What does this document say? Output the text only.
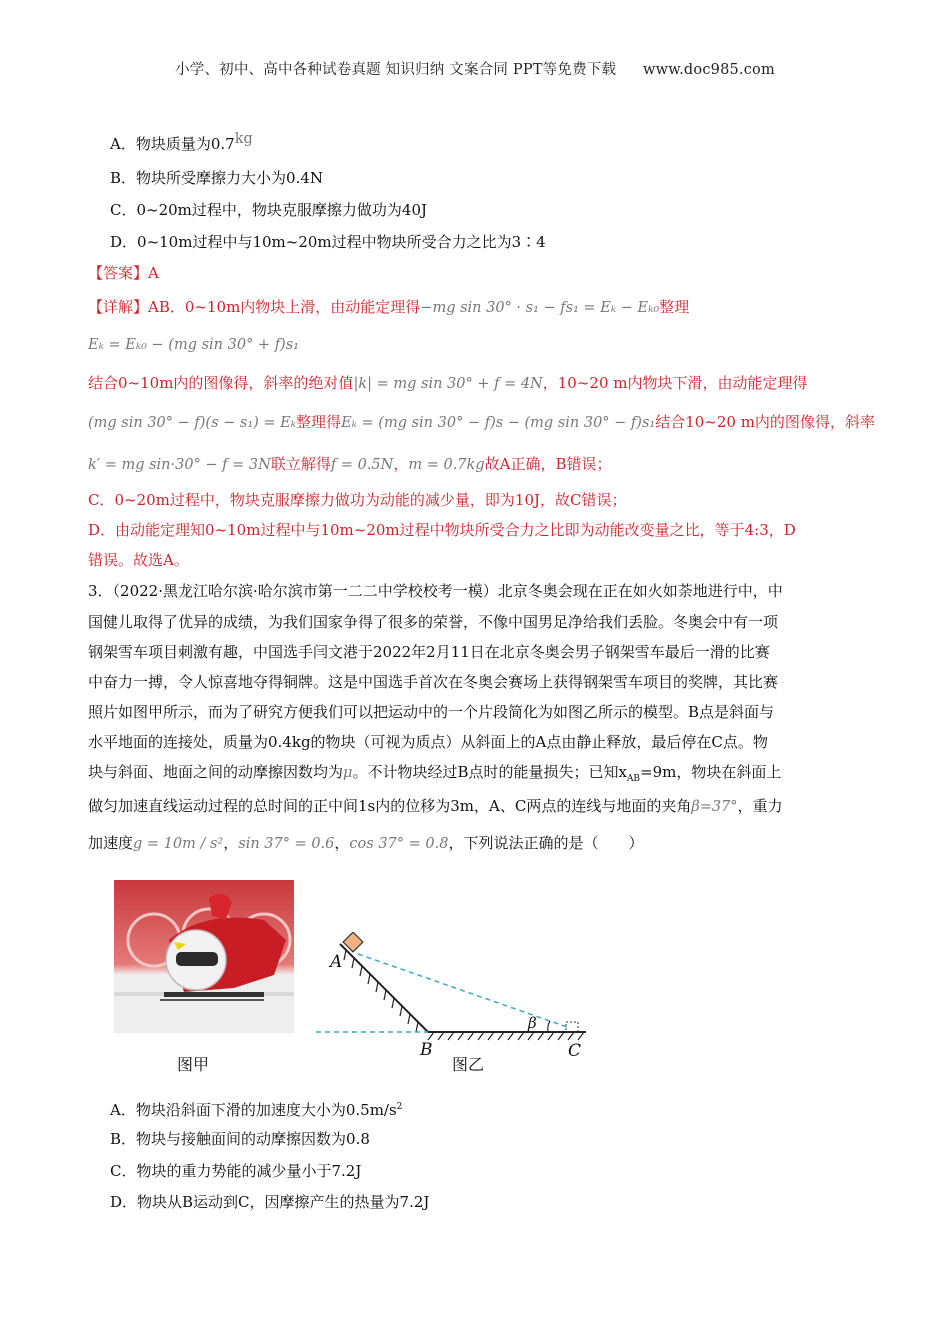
小学、初中、高中各种试卷真题 知识归纳 文案合同 PPT等免费下载 www.doc985.com
A．物块质量为0.7kg
B．物块所受摩擦力大小为0.4N
C．0~20m过程中，物块克服摩擦力做功为40J
D．0~10m过程中与10m~20m过程中物块所受合力之比为3∶4
【答案】A
【详解】AB．0~10m内物块上滑，由动能定理得−mg sin 30° · s₁ − fs₁ = Eₖ − Eₖ₀整理
Eₖ = Eₖ₀ − (mg sin 30° + f)s₁
结合0~10m内的图像得，斜率的绝对值|k| = mg sin 30° + f = 4N，10~20 m内物块下滑，由动能定理得
(mg sin 30° − f)(s − s₁) = Eₖ整理得Eₖ = (mg sin 30° − f)s − (mg sin 30° − f)s₁结合10~20 m内的图像得，斜率
k′ = mg sin·30° − f = 3N联立解得f = 0.5N，m = 0.7kg故A正确，B错误；
C．0~20m过程中，物块克服摩擦力做功为动能的减少量，即为10J，故C错误；
D．由动能定理知0~10m过程中与10m~20m过程中物块所受合力之比即为动能改变量之比，等于4:3，D
错误。故选A。
3．（2022·黑龙江哈尔滨·哈尔滨市第一二二中学校校考一模）北京冬奥会现在正在如火如荼地进行中，中
国健儿取得了优异的成绩，为我们国家争得了很多的荣誉，不像中国男足净给我们丢脸。冬奥会中有一项
钢架雪车项目刺激有趣，中国选手闫文港于2022年2月11日在北京冬奥会男子钢架雪车最后一滑的比赛
中奋力一搏，令人惊喜地夺得铜牌。这是中国选手首次在冬奥会赛场上获得钢架雪车项目的奖牌，其比赛
照片如图甲所示，而为了研究方便我们可以把运动中的一个片段简化为如图乙所示的模型。B点是斜面与
水平地面的连接处，质量为0.4kg的物块（可视为质点）从斜面上的A点由静止释放，最后停在C点。物
块与斜面、地面之间的动摩擦因数均为μ。不计物块经过B点时的能量损失；已知$x_{AB}=9m$，物块在斜面上
做匀加速直线运动过程的总时间的正中间1s内的位移为3m，A、C两点的连线与地面的夹角β=37°，重力
加速度g = 10m / s²，sin 37° = 0.6，cos 37° = 0.8，下列说法正确的是（　　）
图甲
A
B	C
β
图乙
A．物块沿斜面下滑的加速度大小为$0.5m/s^2$
B．物块与接触面间的动摩擦因数为0.8
C．物块的重力势能的减少量小于7.2J
D．物块从B运动到C，因摩擦产生的热量为7.2J
